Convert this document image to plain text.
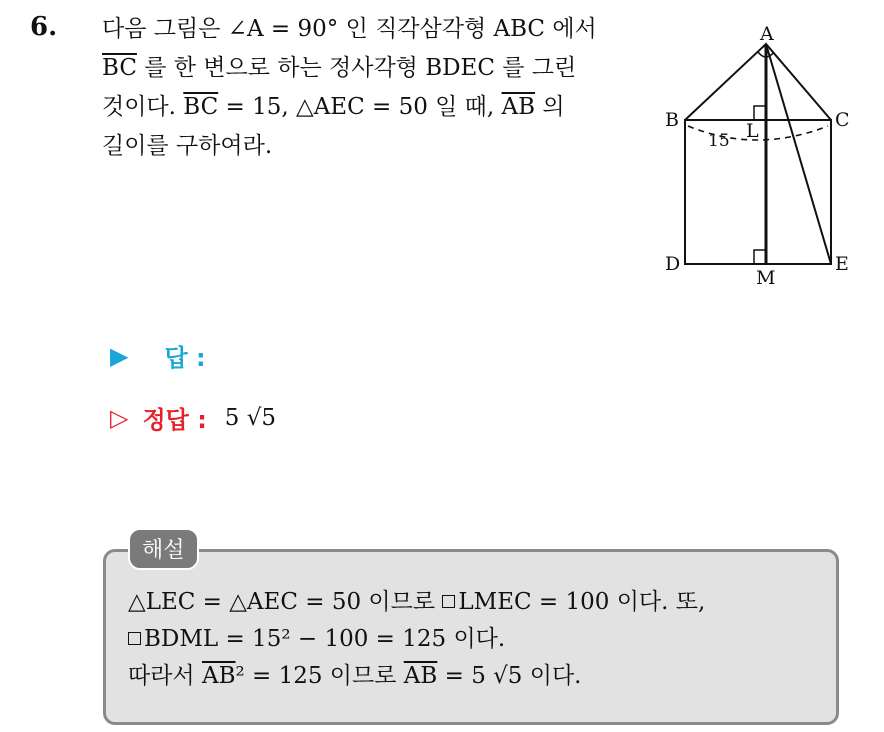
6. 다음 그림은 ∠A = 90° 인 직각삼각형 ABC 에서
$\overline{BC}$ 를 한 변으로 하는 정사각형 BDEC 를 그린
것이다. $\overline{BC} = 15$, △AEC = 50 일 때, $\overline{AB}$ 의
길이를 구하여라.
A
B	C
D	E
L
M
15
▶ 답 :
▷ 정답 : 5 √5
해설
△LEC = △AEC = 50 이므로 LMEC = 100 이다. 또,
BDML = 15² − 100 = 125 이다.
따라서 $\overline{AB}^2 = 125$ 이므로 $\overline{AB} = 5$ √5 이다.
